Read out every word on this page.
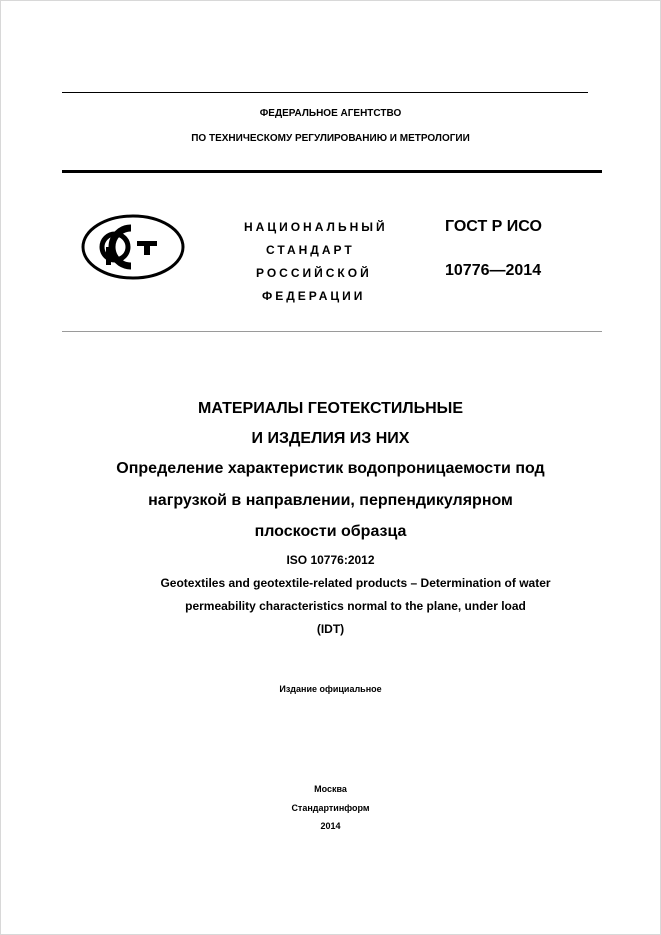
ФЕДЕРАЛЬНОЕ АГЕНТСТВО
ПО ТЕХНИЧЕСКОМУ РЕГУЛИРОВАНИЮ И МЕТРОЛОГИИ
НАЦИОНАЛЬНЫЙ
СТАНДАРТ
РОССИЙСКОЙ
ФЕДЕРАЦИИ
ГОСТ Р ИСО
10776—2014
МАТЕРИАЛЫ ГЕОТЕКСТИЛЬНЫЕ
И ИЗДЕЛИЯ ИЗ НИХ
Определение характеристик водопроницаемости под
нагрузкой в направлении, перпендикулярном
плоскости образца
ISO 10776:2012
Geotextiles and geotextile-related products – Determination of water
permeability characteristics normal to the plane, under load
(IDT)
Издание официальное
Москва
Стандартинформ
2014
